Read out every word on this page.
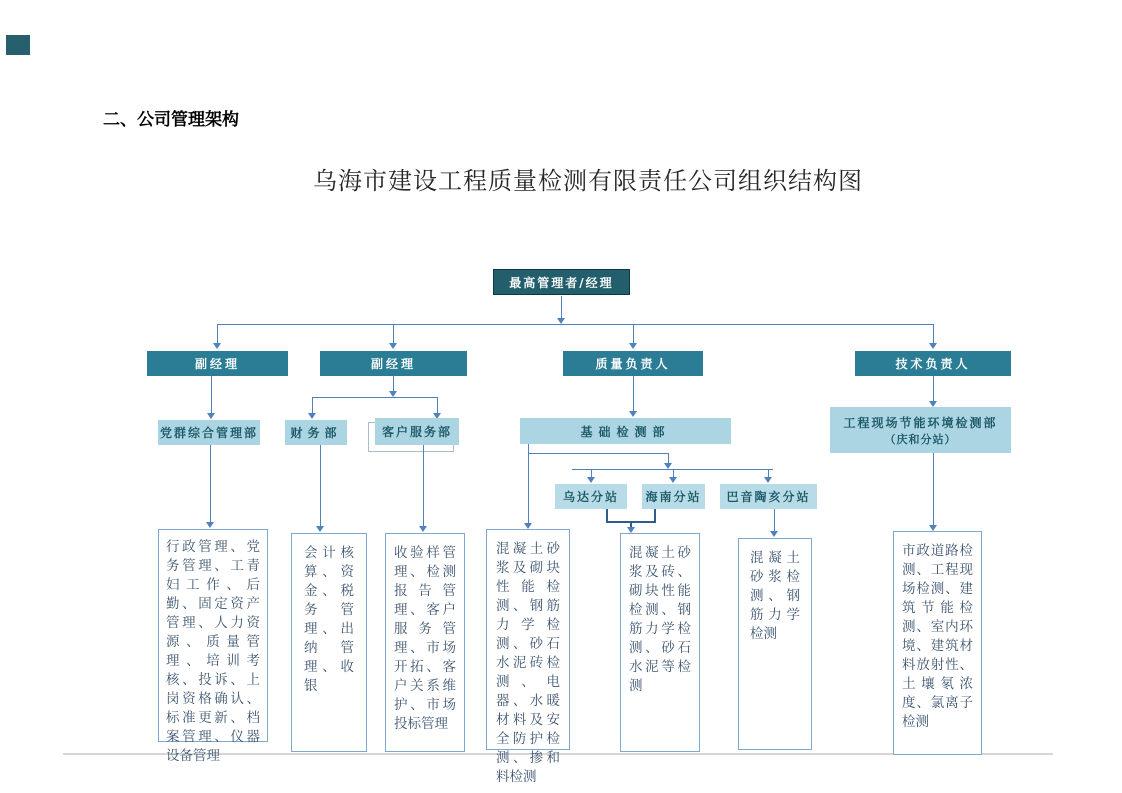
二、公司管理架构
乌海市建设工程质量检测有限责任公司组织结构图
最高管理者/经理
副经理	副经理	质量负责人	技术负责人
党群综合管理部	财务部	客户服务部	基础检测部
工程现场节能环境检测部
（庆和分站）
乌达分站	海南分站	巴音陶亥分站
行政管理、党务管理、工青妇工作、后勤、固定资产管理、人力资源、质量管理、培训考核、投诉、上岗资格确认、标准更新、档案管理、仪器设备管理
会计核算、资金、税务管理、出纳管理、收银
收验样管理、检测报告管理、客户服务管理、市场开拓、客户关系维护、市场投标管理
混凝土砂浆及砌块性能检测、钢筋力学检测、砂石水泥砖检测、电器、水暖材料及安全防护检测、掺和料检测
混凝土砂浆及砖、砌块性能检测、钢筋力学检测、砂石水泥等检测
混凝土砂浆检测、钢筋力学检测
市政道路检测、工程现场检测、建筑节能检测、室内环境、建筑材料放射性、土壤氡浓度、氯离子检测
